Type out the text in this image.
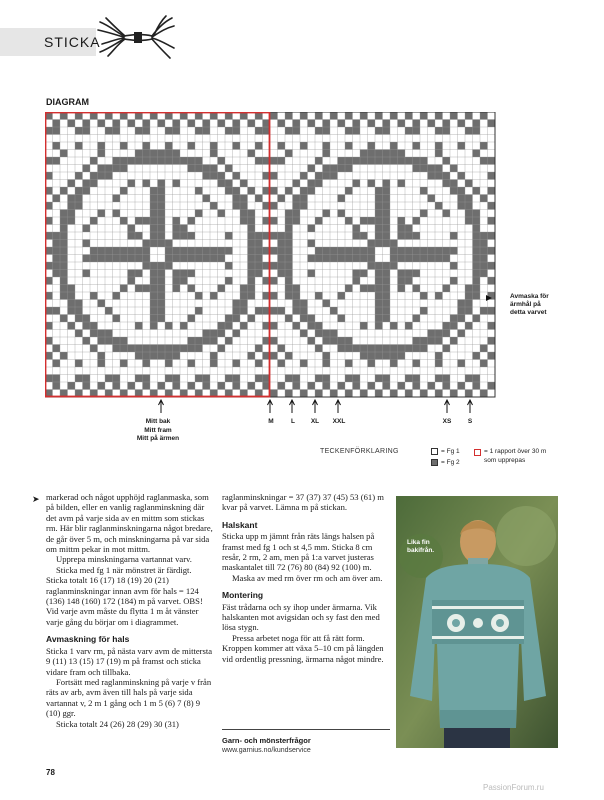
STICKA
DIAGRAM
Avmaska för
ärmhål på
detta varvet
Mitt bak
Mitt fram
Mitt på ärmen
M	L	XL	XXL	XS	S
TECKENFÖRKLARING	= Fg 1
= Fg 2
= 1 rapport över 30 m
som upprepas
➤ markerad och något upphöjd raglanmaska, som på bilden, eller en vanlig raglanminskning där det avm på varje sida av en mittm som stickas rm. Här blir raglanminskningarna något bredare, de går över 5 m, och minskningarna på var sida om mittm pekar in mot mittm.

Upprepa minskningarna vartannat varv.

Sticka med fg 1 när mönstret är färdigt. Sticka totalt 16 (17) 18 (19) 20 (21) raglanminskningar innan avm för hals = 124 (136) 148 (160) 172 (184) m på varvet. OBS! Vid varje avm måste du flytta 1 m åt vänster varje gång du börjar om i diagrammet.

Avmaskning för hals

Sticka 1 varv rm, på nästa varv avm de mittersta 9 (11) 13 (15) 17 (19) m på framst och sticka vidare fram och tillbaka.

Fortsätt med raglanminskning på varje v från räts av arb, avm även till hals på varje sida vartannat v, 2 m 1 gång och 1 m 5 (6) 7 (8) 9 (10) ggr.

Sticka totalt 24 (26) 28 (29) 30 (31)

raglanminskningar = 37 (37) 37 (45) 53 (61) m kvar på varvet. Lämna m på stickan.

Halskant

Sticka upp m jämnt från räts längs halsen på framst med fg 1 och st 4,5 mm. Sticka 8 cm resår, 2 rm, 2 am, men på 1:a varvet justeras maskantalet till 72 (76) 80 (84) 92 (100) m.

Maska av med rm över rm och am över am.

Montering

Fäst trådarna och sy ihop under ärmarna. Vik halskanten mot avigsidan och sy fast den med lösa stygn.

Pressa arbetet noga för att få rätt form. Kroppen kommer att växa 5–10 cm på längden vid ordentlig pressning, ärmarna något mindre.

Lika fin
bakifrån.
Garn- och mönsterfrågor
www.garnius.no/kundservice
78
PassionForum.ru
